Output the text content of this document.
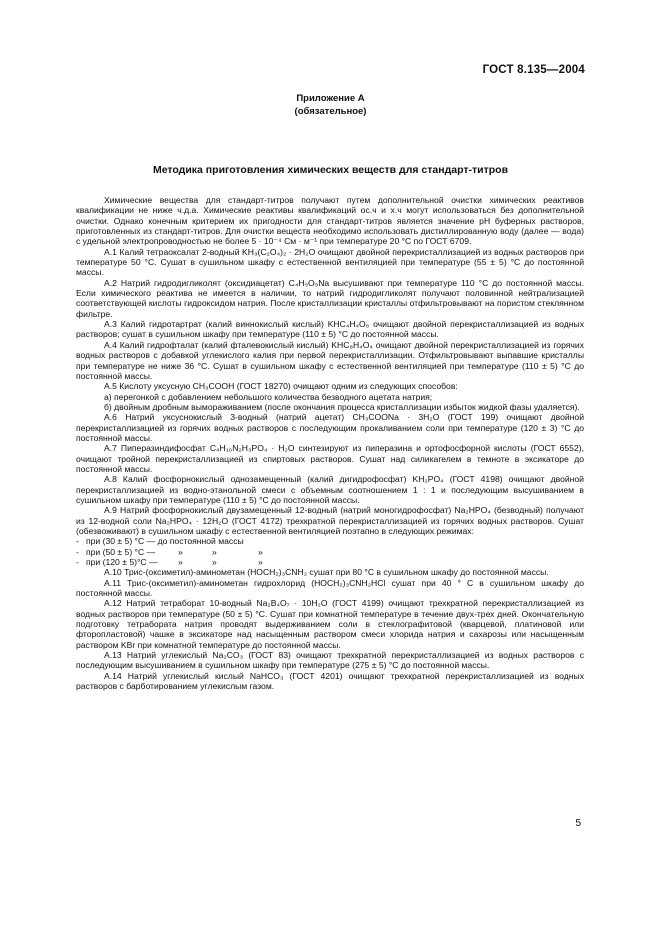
ГОСТ 8.135—2004
Приложение А
(обязательное)
Методика приготовления химических веществ для стандарт-титров

Химические вещества для стандарт-титров получают путем дополнительной очистки химических реактивов квалификации не ниже ч.д.а. Химические реактивы квалификаций ос.ч и х.ч могут использоваться без дополнительной очистки. Однако конечным критерием их пригодности для стандарт-титров является значение pH буферных растворов, приготовленных из стандарт-титров. Для очистки веществ необходимо использовать дистиллированную воду (далее — вода) с удельной электропроводностью не более 5 · 10⁻⁴ См · м⁻¹ при температуре 20 °С по ГОСТ 6709.

А.1 Калий тетраоксалат 2-водный KH₃(C₂O₄)₂ · 2H₂O очищают двойной перекристаллизацией из водных растворов при температуре 50 °С. Сушат в сушильном шкафу с естественной вентиляцией при температуре (55 ± 5) °С до постоянной массы.

А.2 Натрий гидродигликолят (оксидиацетат) C₄H₅O₅Na высушивают при температуре 110 °С до постоянной массы. Если химического реактива не имеется в наличии, то натрий гидродигликолят получают половинной нейтрализацией соответствующей кислоты гидроксидом натрия. После кристаллизации кристаллы отфильтровывают на пористом стеклянном фильтре.

А.3 Калий гидротартрат (калий виннокислый кислый) KHC₄H₄O₆ очищают двойной перекристаллизацией из водных растворов; сушат в сушильном шкафу при температуре (110 ± 5) °С до постоянной массы.

А.4 Калий гидрофталат (калий фталевокислый кислый) KHC₈H₄O₄ очищают двойной перекристаллизацией из горячих водных растворов с добавкой углекислого калия при первой перекристаллизации. Отфильтровывают выпавшие кристаллы при температуре не ниже 36 °С. Сушат в сушильном шкафу с естественной вентиляцией при температуре (110 ± 5) °С до постоянной массы.

А.5 Кислоту уксусную CH₃COOH (ГОСТ 18270) очищают одним из следующих способов:

а) перегонкой с добавлением небольшого количества безводного ацетата натрия;

б) двойным дробным вымораживанием (после окончания процесса кристаллизации избыток жидкой фазы удаляется).

А.6 Натрий уксуснокислый 3-водный (натрий ацетат) CH₃COONa · 3H₂O (ГОСТ 199) очищают двойной перекристаллизацией из горячих водных растворов с последующим прокаливанием соли при температуре (120 ± 3) °С до постоянной массы.

А.7 Пиперазиндифосфат C₄H₁₀N₂H₃PO₄ · H₂O синтезируют из пиперазина и ортофосфорной кислоты (ГОСТ 6552), очищают тройной перекристаллизацией из спиртовых растворов. Сушат над силикагелем в темноте в эксикаторе до постоянной массы.

А.8 Калий фосфорнокислый однозамещенный (калий дигидрофосфат) KH₂PO₄ (ГОСТ 4198) очищают двойной перекристаллизацией из водно-этанольной смеси с объемным соотношением 1 : 1 и последующим высушиванием в сушильном шкафу при температуре (110 ± 5) °С до постоянной массы.

А.9 Натрий фосфорнокислый двузамещенный 12-водный (натрий моногидрофосфат) Na₂HPO₄ (безводный) получают из 12-водной соли Na₂HPO₄ · 12H₂O (ГОСТ 4172) трехкратной перекристаллизацией из горячих водных растворов. Сушат (обезвоживают) в сушильном шкафу с естественной вентиляцией поэтапно в следующих режимах:

- при (30 ± 5) °С — до постоянной массы
- при (50 ± 5) °С —	»	»	»
- при (120 ± 5)°С —	»	»	»

А.10 Трис-(оксиметил)-аминометан (HOCH₂)₃CNH₂ сушат при 80 °С в сушильном шкафу до постоянной массы.

А.11 Трис-(оксиметил)-аминометан гидрохлорид (HOCH₂)₃CNH₂HCl сушат при 40 ° С в сушильном шкафу до постоянной массы.

А.12 Натрий тетраборат 10-водный Na₂B₄O₇ · 10H₂O (ГОСТ 4199) очищают трехкратной перекристаллизацией из водных растворов при температуре (50 ± 5) °С. Сушат при комнатной температуре в течение двух-трех дней. Окончательную подготовку тетрабората натрия проводят выдерживанием соли в стеклографитовой (кварцевой, платиновой или фторопластовой) чашке в эксикаторе над насыщенным раствором смеси хлорида натрия и сахарозы или насыщенным раствором KBr при комнатной температуре до постоянной массы.

А.13 Натрий углекислый Na₂CO₃ (ГОСТ 83) очищают трехкратной перекристаллизацией из водных растворов с последующим высушиванием в сушильном шкафу при температуре (275 ± 5) °С до постоянной массы.

А.14 Натрий углекислый кислый NaHCO₃ (ГОСТ 4201) очищают трехкратной перекристаллизацией из водных растворов с барботированием углекислым газом.

5
